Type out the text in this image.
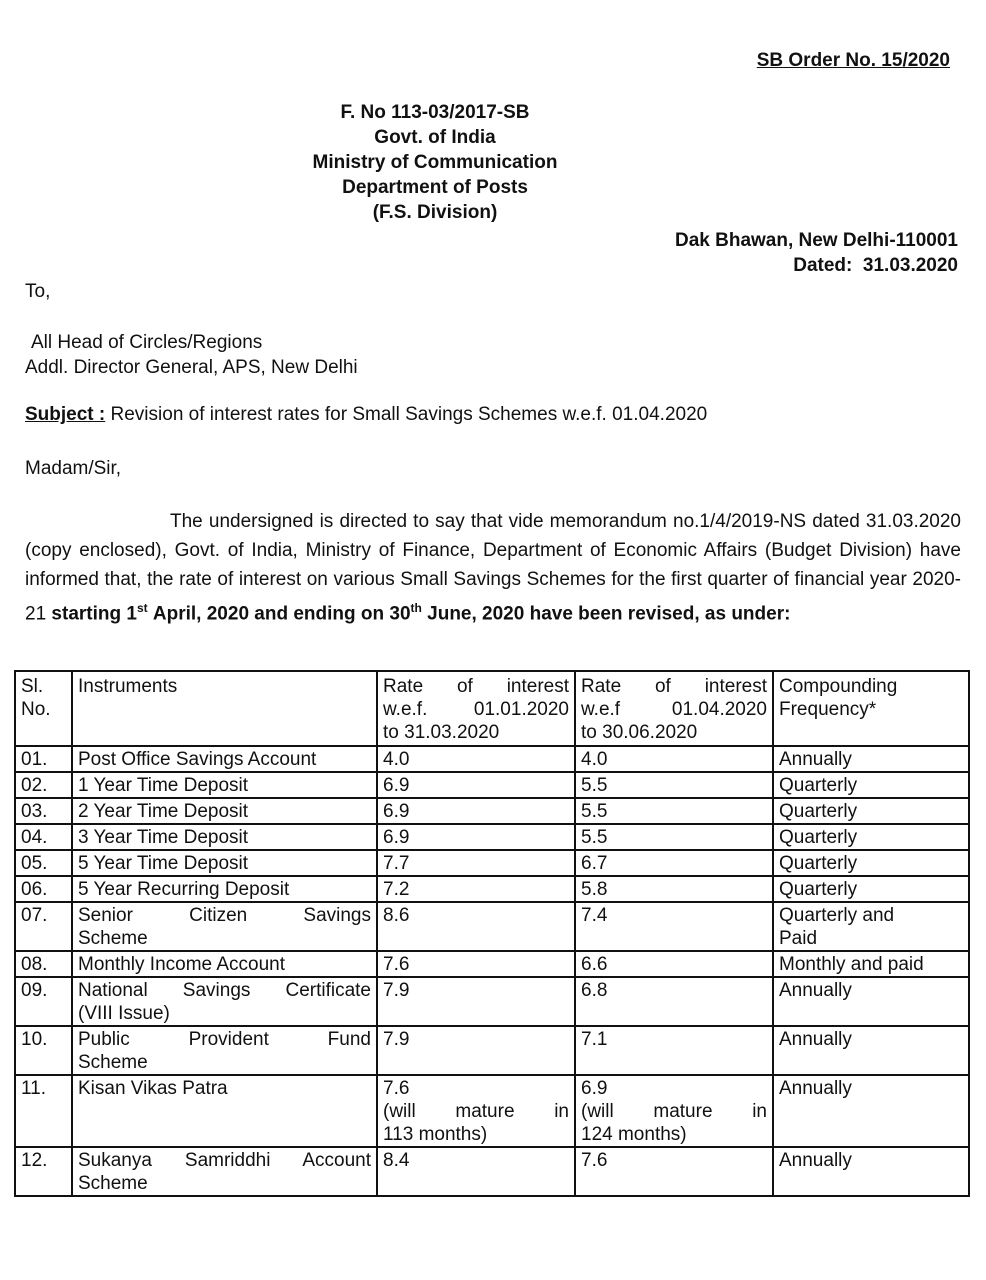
SB Order No. 15/2020
F. No 113-03/2017-SB
Govt. of India
Ministry of Communication
Department of Posts
(F.S. Division)
Dak Bhawan, New Delhi-110001
Dated: 31.03.2020
To,
All Head of Circles/Regions
Addl. Director General, APS, New Delhi
Subject : Revision of interest rates for Small Savings Schemes w.e.f. 01.04.2020
Madam/Sir,
The undersigned is directed to say that vide memorandum no.1/4/2019-NS dated 31.03.2020 (copy enclosed), Govt. of India, Ministry of Finance, Department of Economic Affairs (Budget Division) have informed that, the rate of interest on various Small Savings Schemes for the first quarter of financial year 2020-21 starting 1st April, 2020 and ending on 30th June, 2020 have been revised, as under:
Sl.
No.	Instruments	Rate of interest
w.e.f. 01.01.2020
to 31.03.2020	Rate of interest
w.e.f 01.04.2020
to 30.06.2020	Compounding
Frequency*

01.	Post Office Savings Account	4.0	4.0	Annually

02.	1 Year Time Deposit	6.9	5.5	Quarterly

03.	2 Year Time Deposit	6.9	5.5	Quarterly

04.	3 Year Time Deposit	6.9	5.5	Quarterly

05.	5 Year Time Deposit	7.7	6.7	Quarterly

06.	5 Year Recurring Deposit	7.2	5.8	Quarterly

07.	Senior Citizen Savings
Scheme	8.6	7.4	Quarterly and
Paid

08.	Monthly Income Account	7.6	6.6	Monthly and paid

09.	National Savings Certificate
(VIII Issue)	7.9	6.8	Annually

10.	Public Provident Fund
Scheme	7.9	7.1	Annually

11.	Kisan Vikas Patra	7.6
(will mature in
113 months)	6.9
(will mature in
124 months)	Annually

12.	Sukanya Samriddhi Account
Scheme	8.4	7.6	Annually
